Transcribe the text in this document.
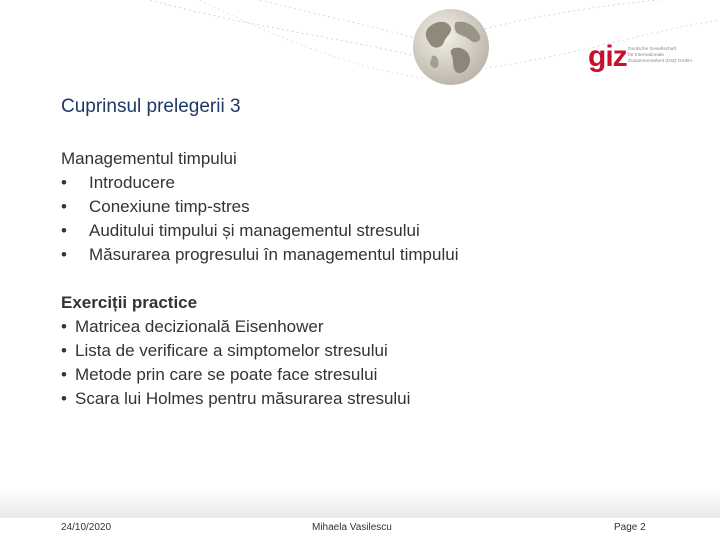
giz Deutsche Gesellschaft
für Internationale
Zusammenarbeit (GIZ) GmbH
Cuprinsul prelegerii 3
Managementul timpului
• Introducere
• Conexiune timp-stres
• Auditului timpului și managementul stresului
• Măsurarea progresului în managementul timpului
Exerciții practice
• Matricea decizională Eisenhower
• Lista de verificare a simptomelor stresului
• Metode prin care se poate face stresului
• Scara lui Holmes pentru măsurarea stresului
24/10/2020	Mihaela Vasilescu	Page 2
